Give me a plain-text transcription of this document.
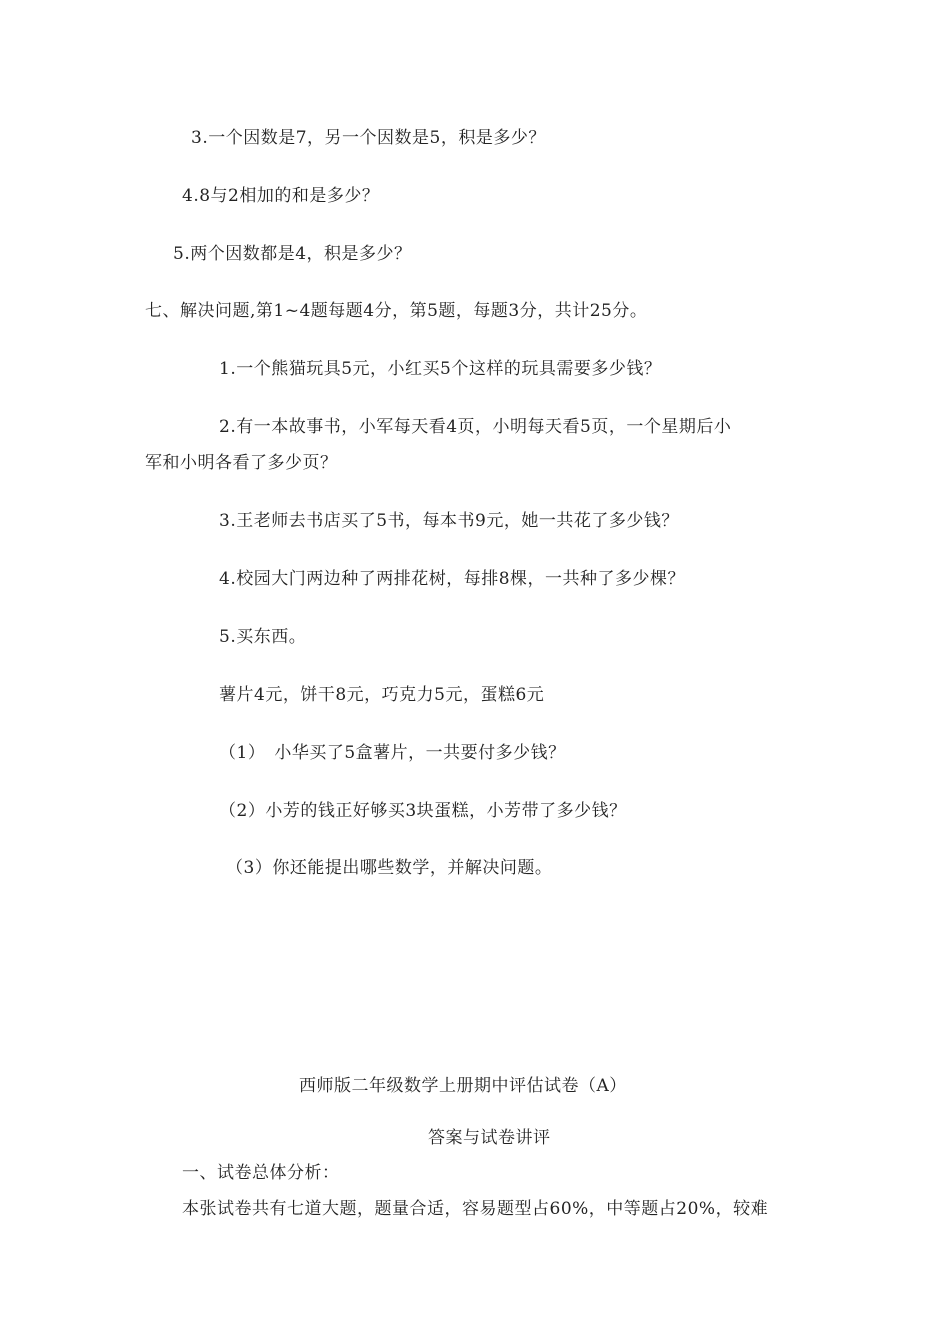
3.一个因数是7，另一个因数是5，积是多少？
4.8与2相加的和是多少？
5.两个因数都是4，积是多少？
七、解决问题,第1~4题每题4分，第5题，每题3分，共计25分。
1.一个熊猫玩具5元，小红买5个这样的玩具需要多少钱？
2.有一本故事书，小军每天看4页，小明每天看5页，一个星期后小
军和小明各看了多少页？
3.王老师去书店买了5书，每本书9元，她一共花了多少钱？
4.校园大门两边种了两排花树，每排8棵，一共种了多少棵？
5.买东西。
薯片4元，饼干8元，巧克力5元，蛋糕6元
（1）　小华买了5盒薯片，一共要付多少钱？
（2）小芳的钱正好够买3块蛋糕，小芳带了多少钱？
（3）你还能提出哪些数学，并解决问题。
西师版二年级数学上册期中评估试卷（A）
答案与试卷讲评
一、试卷总体分析：
本张试卷共有七道大题，题量合适，容易题型占60%，中等题占20%，较难
